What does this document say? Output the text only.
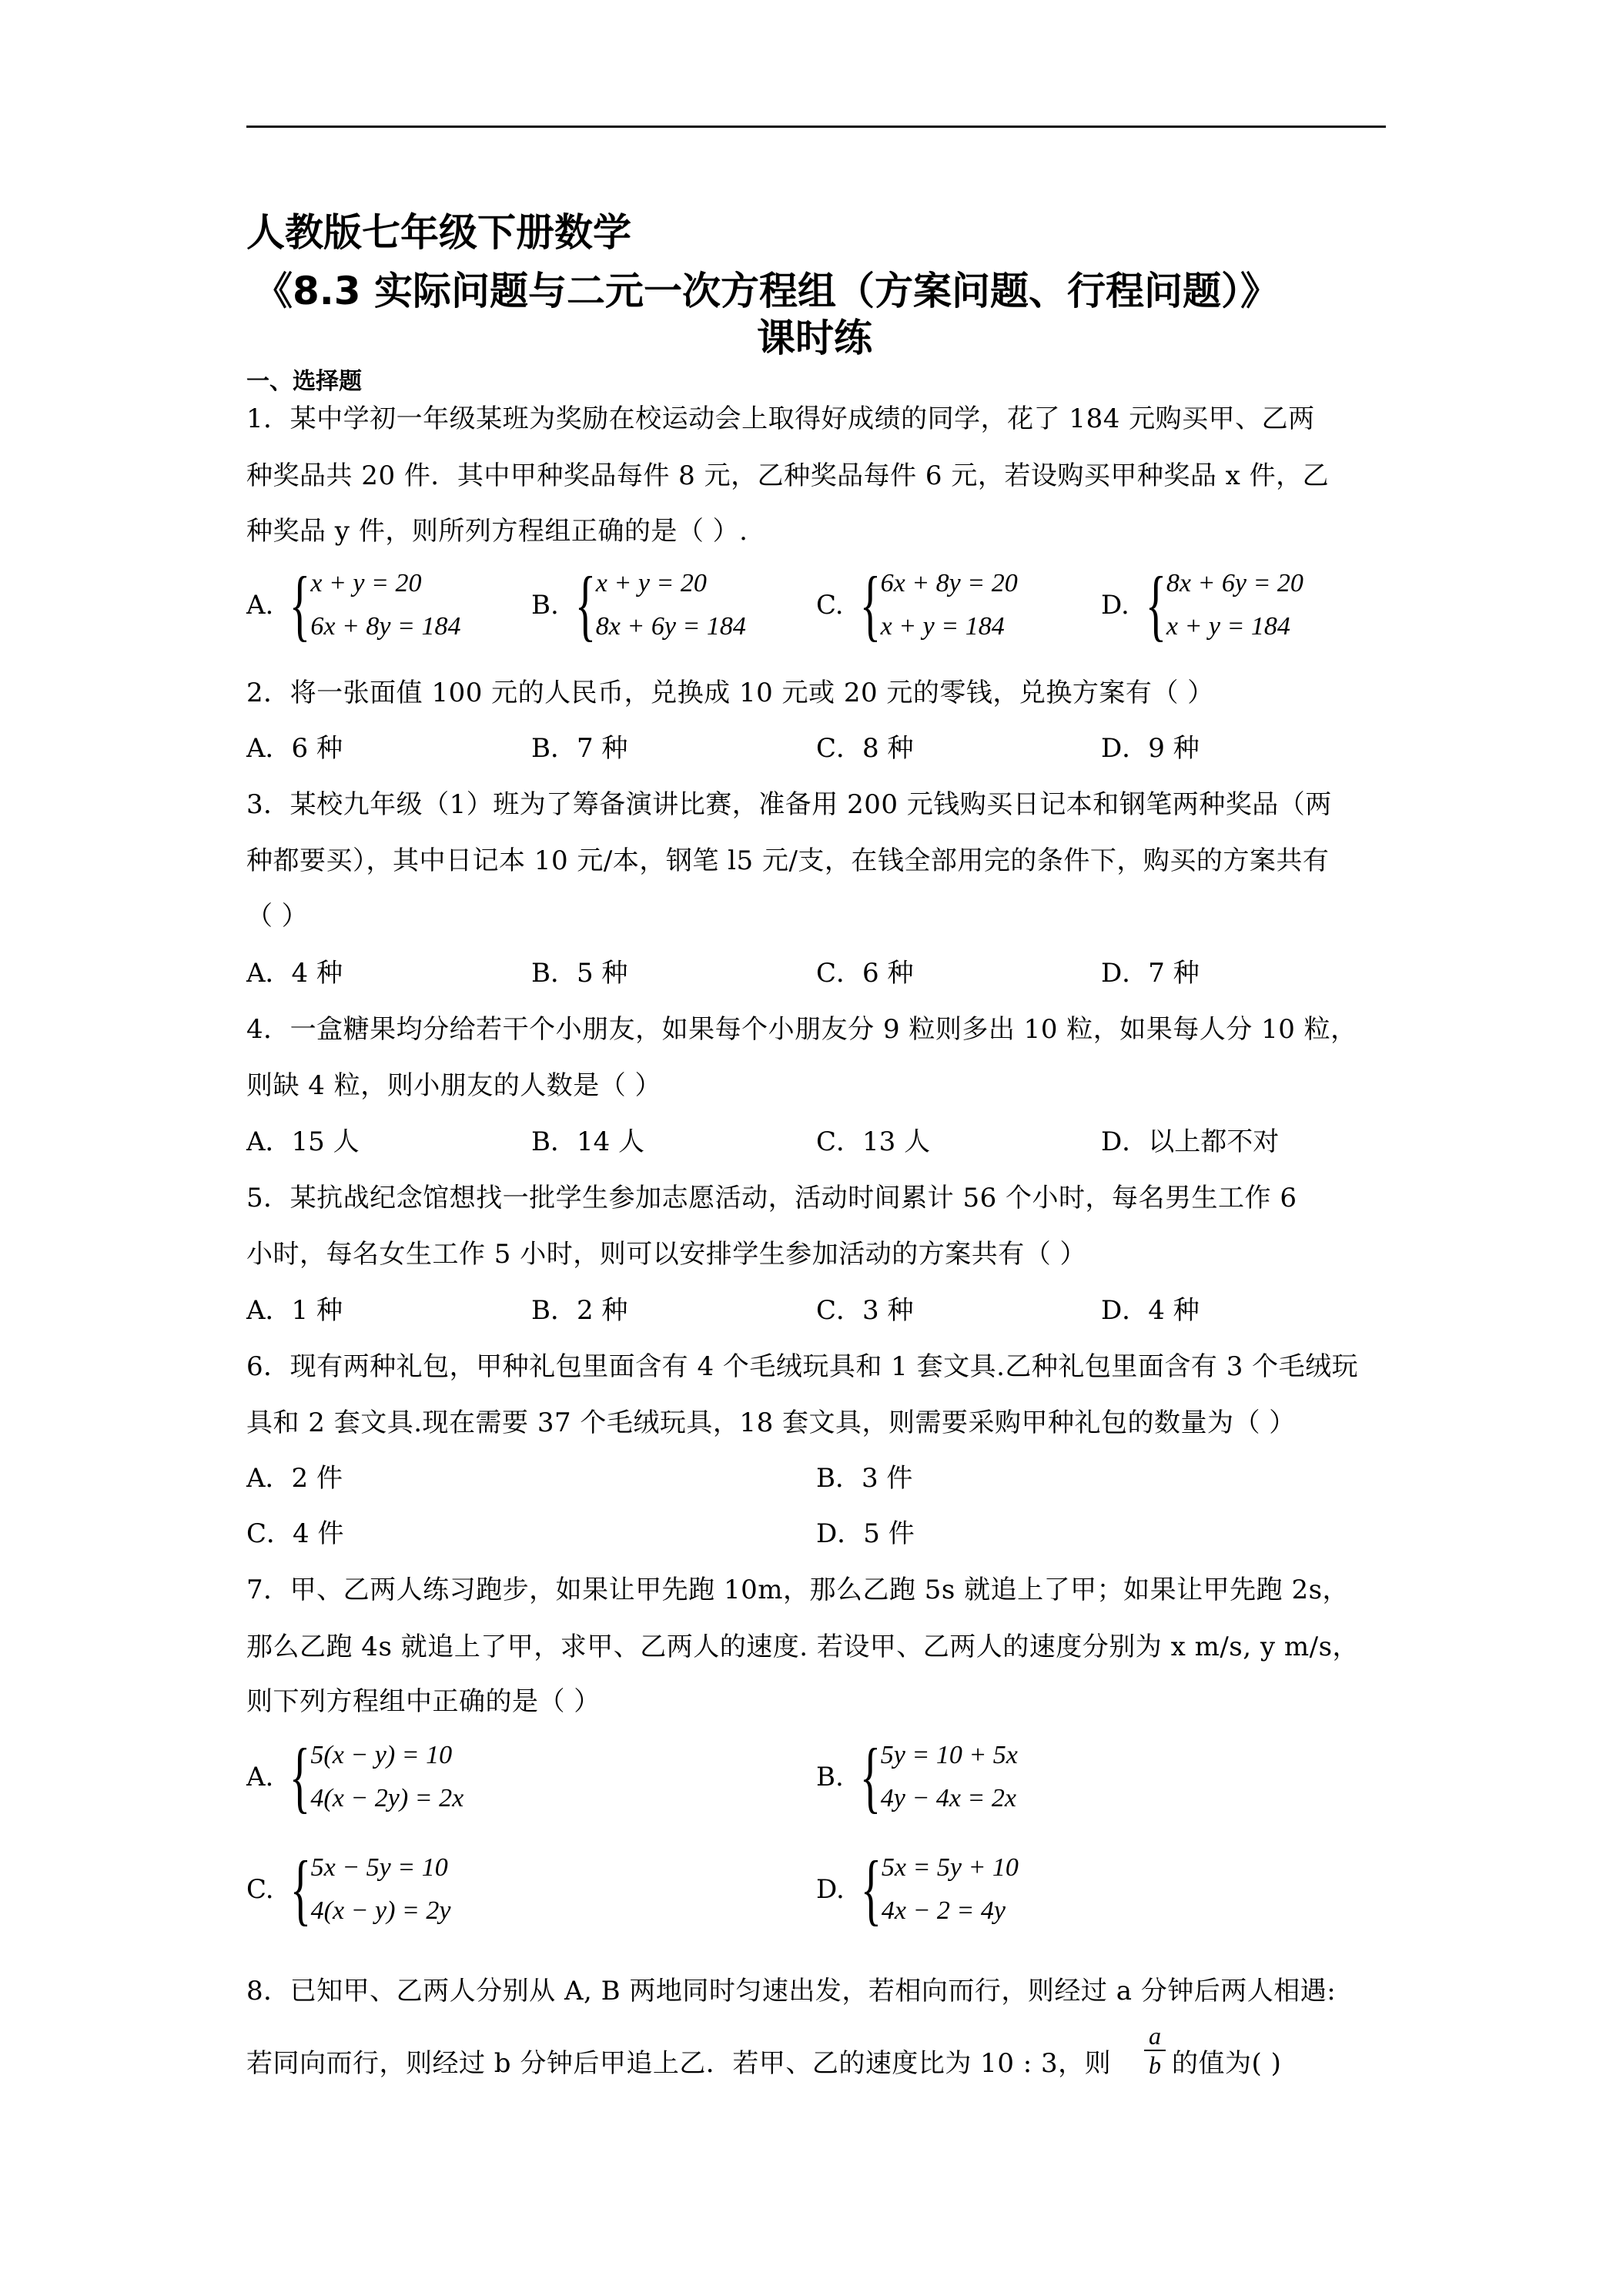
人教版七年级下册数学
《8.3 实际问题与二元一次方程组（方案问题、行程问题）》
课时练
一、选择题
1．某中学初一年级某班为奖励在校运动会上取得好成绩的同学，花了 184 元购买甲、乙两
种奖品共 20 件．其中甲种奖品每件 8 元，乙种奖品每件 6 元，若设购买甲种奖品 x 件，乙
种奖品 y 件，则所列方程组正确的是（ ）.
A. { x + y = 20
6x + 8y = 184
B. { x + y = 20
8x + 6y = 184
C. { 6x + 8y = 20
x + y = 184
D. { 8x + 6y = 20
x + y = 184
2．将一张面值 100 元的人民币，兑换成 10 元或 20 元的零钱，兑换方案有（ ）
A．6 种	B．7 种	C．8 种	D．9 种
3．某校九年级（1）班为了筹备演讲比赛，准备用 200 元钱购买日记本和钢笔两种奖品（两
种都要买），其中日记本 10 元/本，钢笔 l5 元/支，在钱全部用完的条件下，购买的方案共有
（ ）
A．4 种	B．5 种	C．6 种	D．7 种
4．一盒糖果均分给若干个小朋友，如果每个小朋友分 9 粒则多出 10 粒，如果每人分 10 粒，
则缺 4 粒，则小朋友的人数是（ ）
A．15 人	B．14 人	C．13 人	D．以上都不对
5．某抗战纪念馆想找一批学生参加志愿活动，活动时间累计 56 个小时，每名男生工作 6
小时，每名女生工作 5 小时，则可以安排学生参加活动的方案共有（ ）
A．1 种	B．2 种	C．3 种	D．4 种
6．现有两种礼包，甲种礼包里面含有 4 个毛绒玩具和 1 套文具.乙种礼包里面含有 3 个毛绒玩
具和 2 套文具.现在需要 37 个毛绒玩具，18 套文具，则需要采购甲种礼包的数量为（ ）
A．2 件	B．3 件
C．4 件	D．5 件
7．甲、乙两人练习跑步，如果让甲先跑 10m，那么乙跑 5s 就追上了甲；如果让甲先跑 2s，
那么乙跑 4s 就追上了甲，求甲、乙两人的速度. 若设甲、乙两人的速度分别为 x m/s, y m/s，
则下列方程组中正确的是（ ）
A. { 5(x − y) = 10
4(x − 2y) = 2x
B. { 5y = 10 + 5x
4y − 4x = 2x
C. { 5x − 5y = 10
4(x − y) = 2y
D. { 5x = 5y + 10
4x − 2 = 4y
8．已知甲、乙两人分别从 A, B 两地同时匀速出发，若相向而行，则经过 a 分钟后两人相遇:
若同向而行，则经过 b 分钟后甲追上乙．若甲、乙的速度比为 10 : 3，则
a
b 的值为( )
